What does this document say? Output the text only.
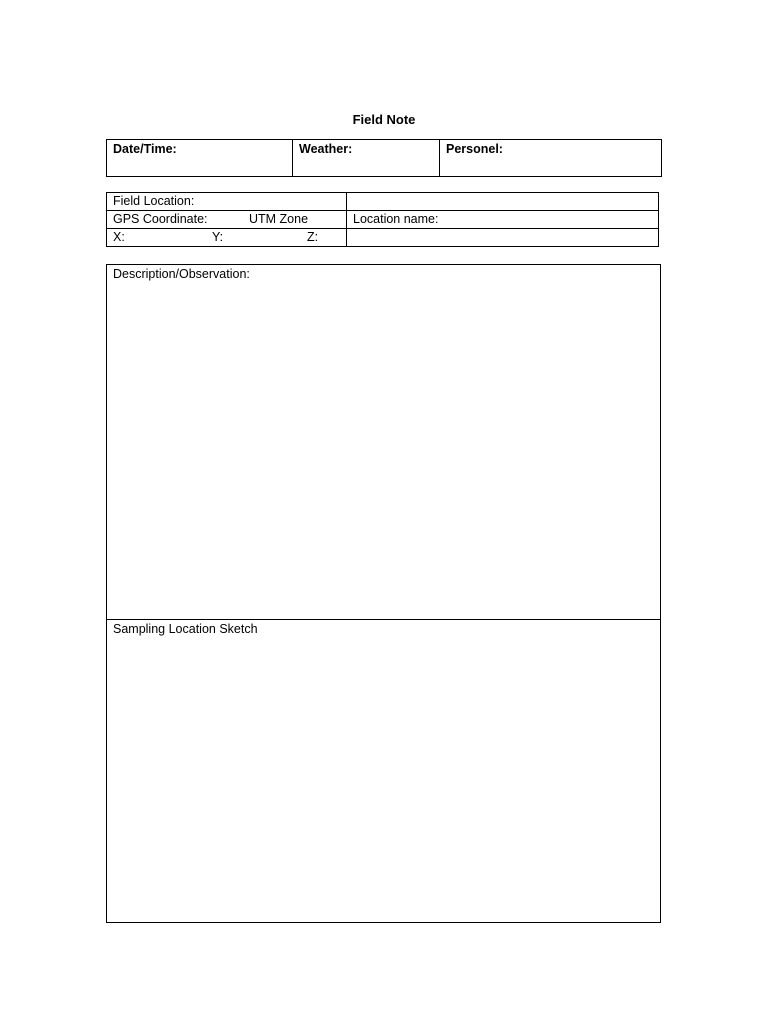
Field Note
Date/Time:	Weather:	Personel:
Field Location:	
GPS Coordinate: UTM Zone	Location name:
X: Y: Z:	

Description/Observation:
Sampling Location Sketch
